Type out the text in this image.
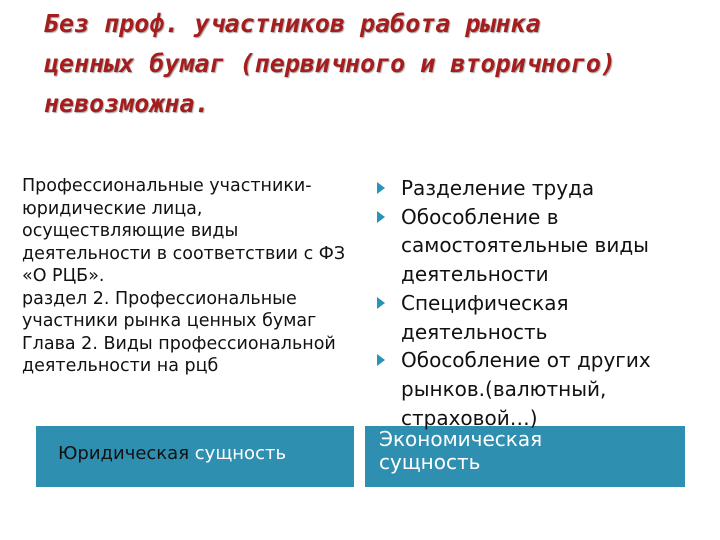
Без проф. участников работа рынка
ценных бумаг (первичного и вторичного)
невозможна.

Профессиональные участники-юридические лица, осуществляющие виды деятельности в соответствии с ФЗ «О РЦБ».

раздел 2. Профессиональные участники рынка ценных бумаг

Глава 2. Виды профессиональной деятельности на рцб

Разделение труда
Обособление в самостоятельные виды деятельности
Специфическая деятельность
Обособление от других рынков.(валютный, страховой…)
Юридическая сущность
Экономическая сущность
